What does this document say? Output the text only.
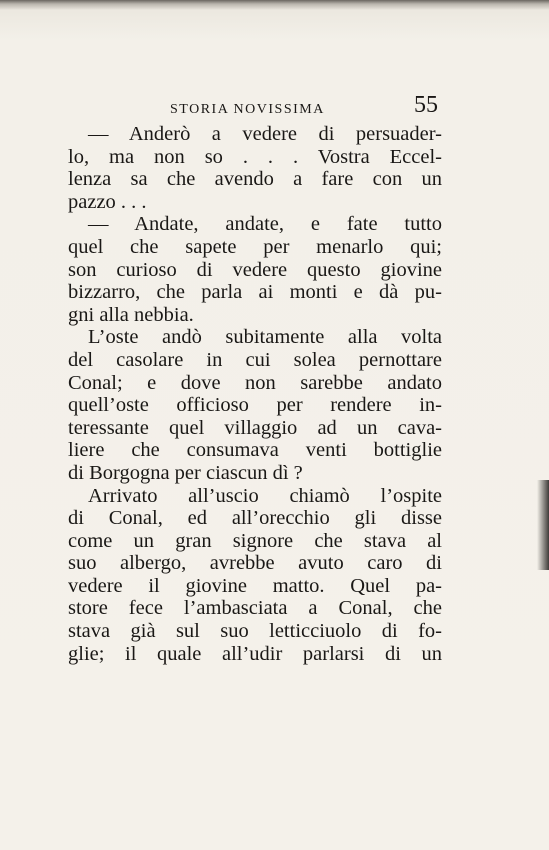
STORIA NOVISSIMA	55
— Anderò a vedere di persuader-
lo, ma non so . . . Vostra Eccel-
lenza sa che avendo a fare con un
pazzo . . .
— Andate, andate, e fate tutto
quel che sapete per menarlo qui;
son curioso di vedere questo giovine
bizzarro, che parla ai monti e dà pu-
gni alla nebbia.
L’oste andò subitamente alla volta
del casolare in cui solea pernottare
Conal; e dove non sarebbe andato
quell’oste officioso per rendere in-
teressante quel villaggio ad un cava-
liere che consumava venti bottiglie
di Borgogna per ciascun dì ?
Arrivato all’uscio chiamò l’ospite
di Conal, ed all’orecchio gli disse
come un gran signore che stava al
suo albergo, avrebbe avuto caro di
vedere il giovine matto. Quel pa-
store fece l’ambasciata a Conal, che
stava già sul suo letticciuolo di fo-
glie; il quale all’udir parlarsi di un
